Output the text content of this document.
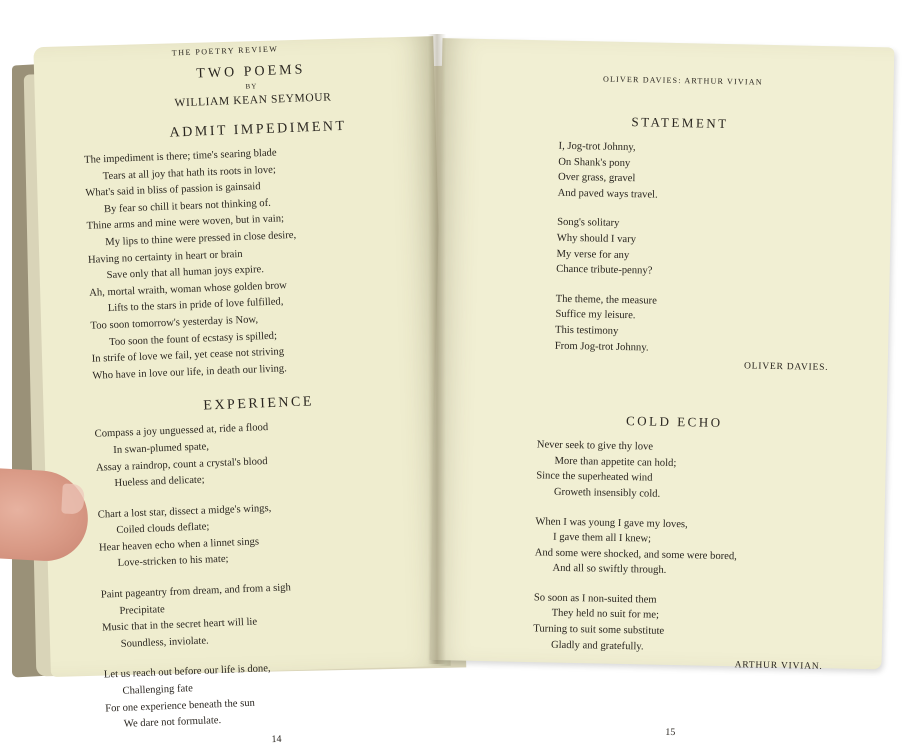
THE POETRY REVIEW
TWO POEMS
BY
WILLIAM KEAN SEYMOUR
ADMIT IMPEDIMENT
The impediment is there; time's searing blade
Tears at all joy that hath its roots in love;
What's said in bliss of passion is gainsaid
By fear so chill it bears not thinking of.
Thine arms and mine were woven, but in vain;
My lips to thine were pressed in close desire,
Having no certainty in heart or brain
Save only that all human joys expire.
Ah, mortal wraith, woman whose golden brow
Lifts to the stars in pride of love fulfilled,
Too soon tomorrow's yesterday is Now,
Too soon the fount of ecstasy is spilled;
In strife of love we fail, yet cease not striving
Who have in love our life, in death our living.
EXPERIENCE
Compass a joy unguessed at, ride a flood
In swan-plumed spate,
Assay a raindrop, count a crystal's blood
Hueless and delicate;
Chart a lost star, dissect a midge's wings,
Coiled clouds deflate;
Hear heaven echo when a linnet sings
Love-stricken to his mate;
Paint pageantry from dream, and from a sigh
Precipitate
Music that in the secret heart will lie
Soundless, inviolate.
Let us reach out before our life is done,
Challenging fate
For one experience beneath the sun
We dare not formulate.
14
OLIVER DAVIES: ARTHUR VIVIAN
STATEMENT
I, Jog-trot Johnny,
On Shank's pony
Over grass, gravel
And paved ways travel.
Song's solitary
Why should I vary
My verse for any
Chance tribute-penny?
The theme, the measure
Suffice my leisure.
This testimony
From Jog-trot Johnny.
OLIVER DAVIES.
COLD ECHO
Never seek to give thy love
More than appetite can hold;
Since the superheated wind
Groweth insensibly cold.
When I was young I gave my loves,
I gave them all I knew;
And some were shocked, and some were bored,
And all so swiftly through.
So soon as I non-suited them
They held no suit for me;
Turning to suit some substitute
Gladly and gratefully.
ARTHUR VIVIAN.
15
